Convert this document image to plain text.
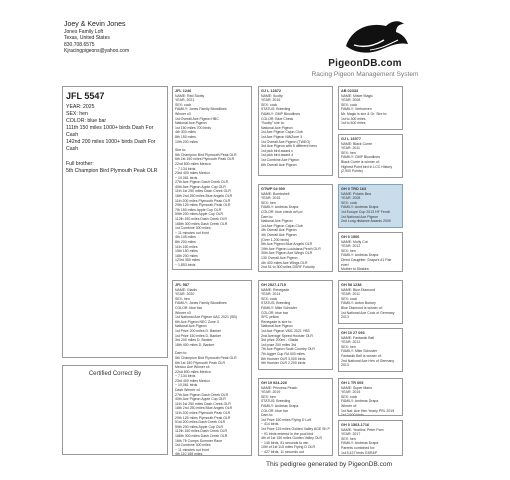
Joey & Kevin Jones
Jones Family Loft
Texas, United States
830.708.6575
Kjracingpigeons@yahoo.com
PigeonDB.com
Racing Pigeon Management System
JFL 5547
YEAR: 2025
SEX: hen
COLOR: blue bar
111th 150 miles 1000+ birds Dash For Cash
142nd 200 miles 1000+ birds Dash For Cash
Full brother:
5th Champion Bird Plymouth Peak OLR
Certified Correct By
JFL 1246
NAME: Red Scotty
YEAR: 2021
SEX: cock
FAMILY: Jones Family Bloodlines
Winner x3
1st Overall Ace Pigeon HBC
National Ace Pigeon
1st 150 miles 700 birds
4th 300 miles
8th 150 miles
10th 200 miles
Sire to:
5th Champion Bird Plymouth Peak OLR
6th 1st 150 miles Plymouth Peak OLR
22nd 800 miles Mexico
~ 7,134 birds
23rd 400 miles Mexico
~ 10,061 birds
27th Ace Pigeon Dash Creek OLR
40th Ace Pigeon Apple Cup OLR
11th 1st 250 miles Dash Creek OLR
16th 2nd 250 miles Blue Angels OLR
11th 200 miles Plymouth Peak OLR
29th 125 miles Plymouth Peak OLR
7th 150 miles Apple Cup OLR
59th 200 miles Apple Cup OLR
112th 150 miles Dash Creek OLR
168th 300 miles Dash Creek OLR
1st Combine 300 miles
~ 11 minutes out front
4th 145 miles
8th 200 miles
11th 150 miles
15th 150 miles
16th 200 miles
123rd 350 miles
~ 1,853 birds
JFL 587
NAME: Gladis
YEAR: 2020
SEX: hen
FAMILY: Jones Family Bloodlines
COLOR: blue bar
Winner x3
1st National Ace Pigeon AAC 2021 (SB)
6th Ace Pigeon NEC Zone 3
National Ace Pigeon
1st Prize 200 miles D. Banker
1st Prize 150 miles D. Banker
3rd 200 miles D. Banker
18th 400 miles D. Banker
Dam to:
5th Champion Bird Plymouth Peak OLR
6th 1st 150 Plymouth Peak OLR
Mexico Ace Winner x4
22nd 800 miles Mexico
~ 7,134 birds
23rd 400 miles Mexico
~ 10,061 birds
Dash Winner x4
27th Ace Pigeon Dash Creek OLR
40th Ace Pigeon Apple Cup OLR
11th 1st 250 miles Dash Creek OLR
16th 2nd 250 miles Blue Angels OLR
11th 200 miles Plymouth Peak OLR
29th 125 miles Plymouth Peak OLR
51st 200 miles Dash Creek OLR
59th 200 miles Apple Cup OLR
112th 150 miles Dash Creek OLR
168th 300 miles Dash Creek OLR
16th 76 Comps Summer Race
1st Combine 300 miles
~ 11 minutes out front
4th 110 189 miles
GJ L 12872
NAME: Scotty
YEAR: 2016
SEX: cock
STATUS: Breeding
FAMILY: GMP Bloodlines
COLOR: Blue Check
"Scotty" sire to:
National Ace Pigeon
1st Ace Pigeon Cajun Club
1st Ace Pigeon NWZone 3
1st Overall Ace Pigeon (TWEO)
3rd Ace Pigeon with 5 different hens
1st pick bird award x
1st pick bird award 4
1st Combine Ace Pigeon
6th Overall Ace Pigeon
GTWP 04 900
NAME: Bombshell
YEAR: 2015
SEX: hen
FAMILY: Andreas Drapa
COLOR: blue check w/f pd
Dam to:
National Ace Pigeon
1st Ace Pigeon Cajun Club
4th Overall Ace Pigeon
4th Overall Ace Pigeon
(Over 1,200 birds)
5th Ace Pigeon Blue Angels OLR
19th Ace Pigeon Louisiana Perch OLR
30th Ace Pigeon Ace Wings OLR
130 Overall Ace Pigeon
4th 400 miles Ace Wings OLR
2nd 51 to 300 miles DSRF Futurity
GH 2527-1719
NAME: Renegade
YEAR: 2014
SEX: cock
STATUS: Breeding
FAMILY: Mike Schuster
COLOR: blue bar
SPC yellow
Renegade is sire to:
National Ace Pigeon
1st Ace Pigeon VMC 2021 YBS
2nd Average Speed Hoosier OLR
3rd prize 200mi - Gladis
1st prize 200 miles 3rd
7th Ace Pigeon Scott Country OLR
7th Agger Cup Rd 400 miles
8th Hoosier OLR 3,000 birds
9th Hoosier OLR 2,200 birds
GH 19 924-226
NAME: Princess Peach
YEAR: 2019
SEX: hen
STATUS: Breeding
FAMILY: Andreas Drapa
COLOR: blue bar
Dam to:
1st Prize 150 miles Flying D Loft
~ 414 birds
1st Prize 125 miles Golden Valley AGE Sh P
~ 91 birds entered in the pool bird
4th of 1st 150 miles Golden Valley OLR
~ 145 birds, 81 seconds to win
10th of 1st 115 miles Flying D OLR
~ 427 birds, 11 seconds out
AB 02333
NAME: Mister Magic
YEAR: 2008
SEX: cock
FAMILY: Verhoeven
Mr. Magic is sire & Gr. Sire to:
1st to 300 miles
1st to 500 miles
GJ L 16977
NAME: Black Currie
YEAR: 2011
SEX: hen
FAMILY: GMP Bloodlines
Black Currie is winner of:
Highest Point bird in LCC History
(2,900 Points)
GH 0 TRD 163
NAME: Polaris Bea
YEAR: 2008
SEX: cock
FAMILY: Andreas Drapa
1st Europe Cup 2013 HF Fendt
1st National Ace Pigeon
2nd Long distance Awards 2009
GH 0 1506
NAME: Molly Cut
YEAR: 2012
SEX: hen
FAMILY: Andreas Drapa
Direct Daughter: Drapa's #1 Pair ever!
Mother to Shakira
GH 58 1238
NAME: Blue Diamond
YEAR: 2011
SEX: cock
FAMILY: Anton Burkey
Blue Diamond is winner of:
1st National Ace Cock of Germany 2013
GH 10 27 093
NAME: Fantastic Bell
YEAR: 2012
SEX: hen
FAMILY: Mike Schuster
Fantastic Bell is winner of:
2nd National Ace Hen of Germany 2013
GH 1 TR 605
NAME: Super Mario
YEAR: 2015
SEX: cock
FAMILY: Andreas Drapa
Winner of:
1st Nat. Ace Hen Yearly PRL 2015
1st 2,600 birds
GH 0 1503-1716
NAME: Yearlins' Peter Pam
YEAR: 2017
SEX: hen
FAMILY: Andreas Drapa
Parents combined for:
1st 5,427 birds GSR&P
This pedigree generated by PigeonDB.com
